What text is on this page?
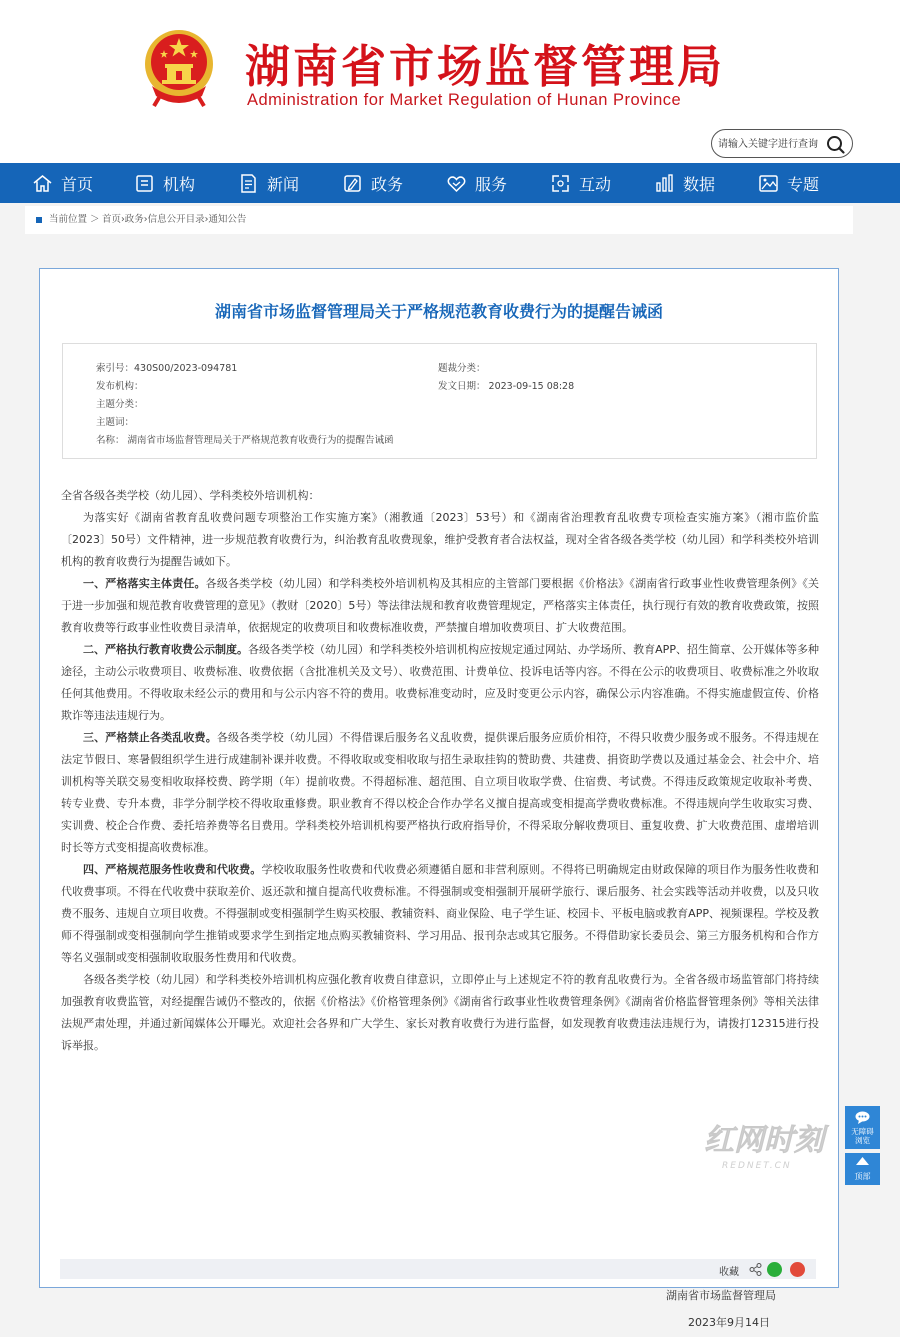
湖南省市场监督管理局
Administration for Market Regulation of Hunan Province
请输入关键字进行查询
首页	机构	新闻	政务	服务	互动	数据	专题
当前位置 ＞ 首页›政务›信息公开目录›通知公告
湖南省市场监督管理局关于严格规范教育收费行为的提醒告诫函
索引号：430S00/2023-094781	题裁分类：
发布机构：	发文日期： 2023-09-15 08:28
主题分类：
主题词：
名称： 湖南省市场监督管理局关于严格规范教育收费行为的提醒告诫函

全省各级各类学校（幼儿园）、学科类校外培训机构：

为落实好《湖南省教育乱收费问题专项整治工作实施方案》（湘教通〔2023〕53号）和《湖南省治理教育乱收费专项检查实施方案》（湘市监价监〔2023〕50号）文件精神，进一步规范教育收费行为，纠治教育乱收费现象，维护受教育者合法权益，现对全省各级各类学校（幼儿园）和学科类校外培训机构的教育收费行为提醒告诫如下。

一、严格落实主体责任。各级各类学校（幼儿园）和学科类校外培训机构及其相应的主管部门要根据《价格法》《湖南省行政事业性收费管理条例》《关于进一步加强和规范教育收费管理的意见》（教财〔2020〕5号）等法律法规和教育收费管理规定，严格落实主体责任，执行现行有效的教育收费政策，按照教育收费等行政事业性收费目录清单，依据规定的收费项目和收费标准收费，严禁擅自增加收费项目、扩大收费范围。

二、严格执行教育收费公示制度。各级各类学校（幼儿园）和学科类校外培训机构应按规定通过网站、办学场所、教育APP、招生简章、公开媒体等多种途径，主动公示收费项目、收费标准、收费依据（含批准机关及文号）、收费范围、计费单位、投诉电话等内容。不得在公示的收费项目、收费标准之外收取任何其他费用。不得收取未经公示的费用和与公示内容不符的费用。收费标准变动时，应及时变更公示内容，确保公示内容准确。不得实施虚假宣传、价格欺诈等违法违规行为。

三、严格禁止各类乱收费。各级各类学校（幼儿园）不得借课后服务名义乱收费，提供课后服务应质价相符，不得只收费少服务或不服务。不得违规在法定节假日、寒暑假组织学生进行成建制补课并收费。不得收取或变相收取与招生录取挂钩的赞助费、共建费、捐资助学费以及通过基金会、社会中介、培训机构等关联交易变相收取择校费、跨学期（年）提前收费。不得超标准、超范围、自立项目收取学费、住宿费、考试费。不得违反政策规定收取补考费、转专业费、专升本费，非学分制学校不得收取重修费。职业教育不得以校企合作办学名义擅自提高或变相提高学费收费标准。不得违规向学生收取实习费、实训费、校企合作费、委托培养费等名目费用。学科类校外培训机构要严格执行政府指导价，不得采取分解收费项目、重复收费、扩大收费范围、虚增培训时长等方式变相提高收费标准。

四、严格规范服务性收费和代收费。学校收取服务性收费和代收费必须遵循自愿和非营利原则。不得将已明确规定由财政保障的项目作为服务性收费和代收费事项。不得在代收费中获取差价、返还款和擅自提高代收费标准。不得强制或变相强制开展研学旅行、课后服务、社会实践等活动并收费，以及只收费不服务、违规自立项目收费。不得强制或变相强制学生购买校服、教辅资料、商业保险、电子学生证、校园卡、平板电脑或教育APP、视频课程。学校及教师不得强制或变相强制向学生推销或要求学生到指定地点购买教辅资料、学习用品、报刊杂志或其它服务。不得借助家长委员会、第三方服务机构和合作方等名义强制或变相强制收取服务性费用和代收费。

各级各类学校（幼儿园）和学科类校外培训机构应强化教育收费自律意识，立即停止与上述规定不符的教育乱收费行为。全省各级市场监管部门将持续加强教育收费监管，对经提醒告诫仍不整改的，依据《价格法》《价格管理条例》《湖南省行政事业性收费管理条例》《湖南省价格监督管理条例》等相关法律法规严肃处理，并通过新闻媒体公开曝光。欢迎社会各界和广大学生、家长对教育收费行为进行监督，如发现教育收费违法违规行为，请拨打12315进行投诉举报。

湖南省市场监督管理局
2023年9月14日
收藏
红网时刻
REDNET.CN
无障碍浏览
顶部
